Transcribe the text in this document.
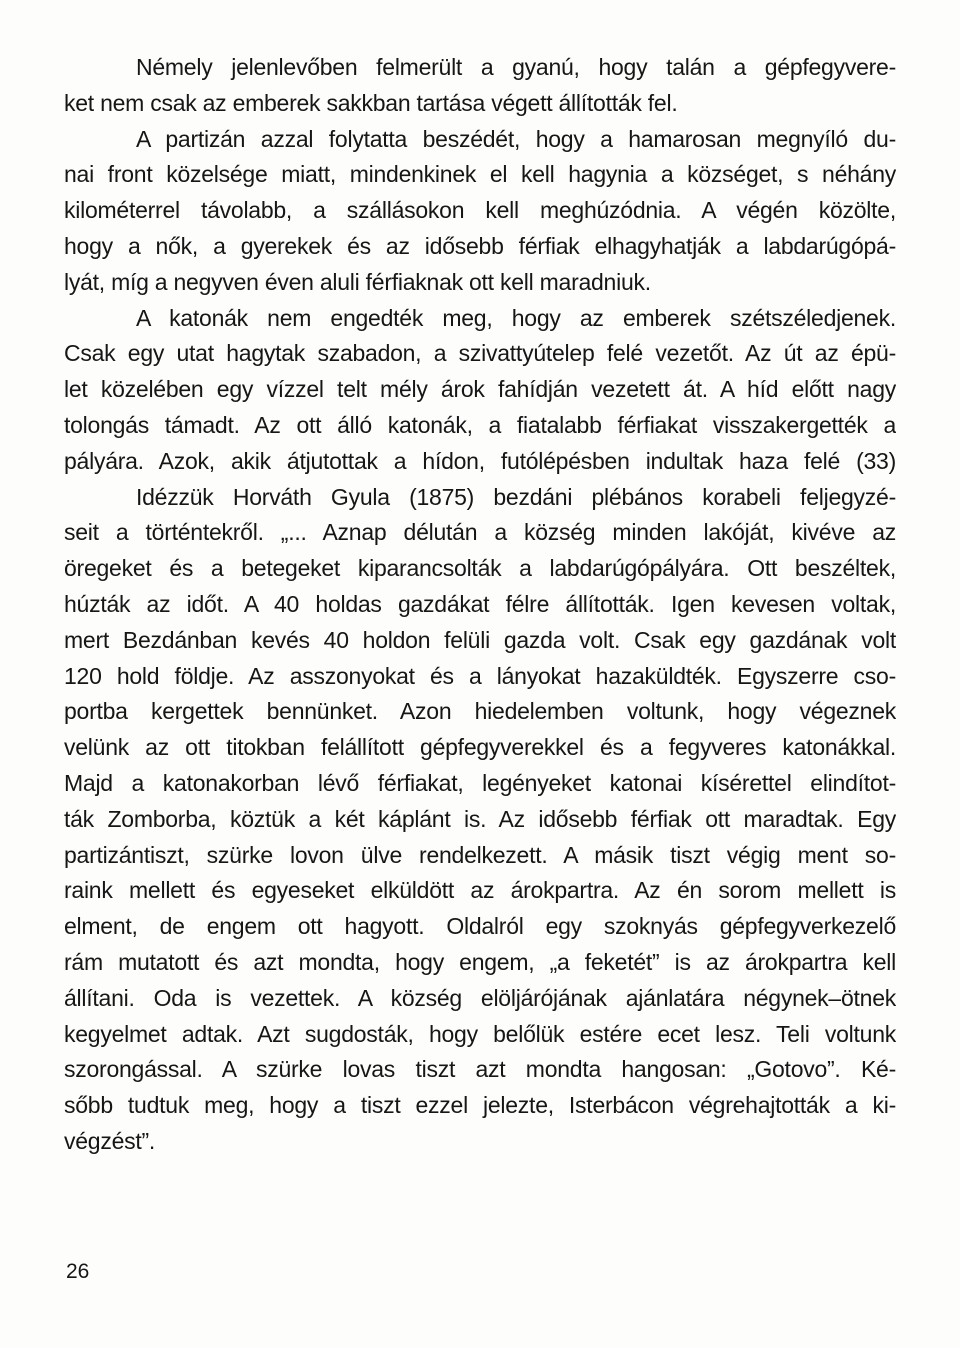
Némely jelenlevőben felmerült a gyanú, hogy talán a gépfegyvere-
ket nem csak az emberek sakkban tartása végett állították fel.
A partizán azzal folytatta beszédét, hogy a hamarosan megnyíló du-
nai front közelsége miatt, mindenkinek el kell hagynia a községet, s néhány
kilométerrel távolabb, a szállásokon kell meghúzódnia. A végén közölte,
hogy a nők, a gyerekek és az idősebb férfiak elhagyhatják a labdarúgópá-
lyát, míg a negyven éven aluli férfiaknak ott kell maradniuk.
A katonák nem engedték meg, hogy az emberek szétszéledjenek.
Csak egy utat hagytak szabadon, a szivattyútelep felé vezetőt. Az út az épü-
let közelében egy vízzel telt mély árok fahídján vezetett át. A híd előtt nagy
tolongás támadt. Az ott álló katonák, a fiatalabb férfiakat visszakergették a
pályára. Azok, akik átjutottak a hídon, futólépésben indultak haza felé (33)
Idézzük Horváth Gyula (1875) bezdáni plébános korabeli feljegyzé-
seit a történtekről. „... Aznap délután a község minden lakóját, kivéve az
öregeket és a betegeket kiparancsolták a labdarúgópályára. Ott beszéltek,
húzták az időt. A 40 holdas gazdákat félre állították. Igen kevesen voltak,
mert Bezdánban kevés 40 holdon felüli gazda volt. Csak egy gazdának volt
120 hold földje. Az asszonyokat és a lányokat hazaküldték. Egyszerre cso-
portba kergettek bennünket. Azon hiedelemben voltunk, hogy végeznek
velünk az ott titokban felállított gépfegyverekkel és a fegyveres katonákkal.
Majd a katonakorban lévő férfiakat, legényeket katonai kísérettel elindítot-
ták Zomborba, köztük a két káplánt is. Az idősebb férfiak ott maradtak. Egy
partizántiszt, szürke lovon ülve rendelkezett. A másik tiszt végig ment so-
raink mellett és egyeseket elküldött az árokpartra. Az én sorom mellett is
elment, de engem ott hagyott. Oldalról egy szoknyás gépfegyverkezelő
rám mutatott és azt mondta, hogy engem, „a feketét” is az árokpartra kell
állítani. Oda is vezettek. A község elöljárójának ajánlatára négynek–ötnek
kegyelmet adtak. Azt sugdosták, hogy belőlük estére ecet lesz. Teli voltunk
szorongással. A szürke lovas tiszt azt mondta hangosan: „Gotovo”. Ké-
sőbb tudtuk meg, hogy a tiszt ezzel jelezte, Isterbácon végrehajtották a ki-
végzést”.
26
